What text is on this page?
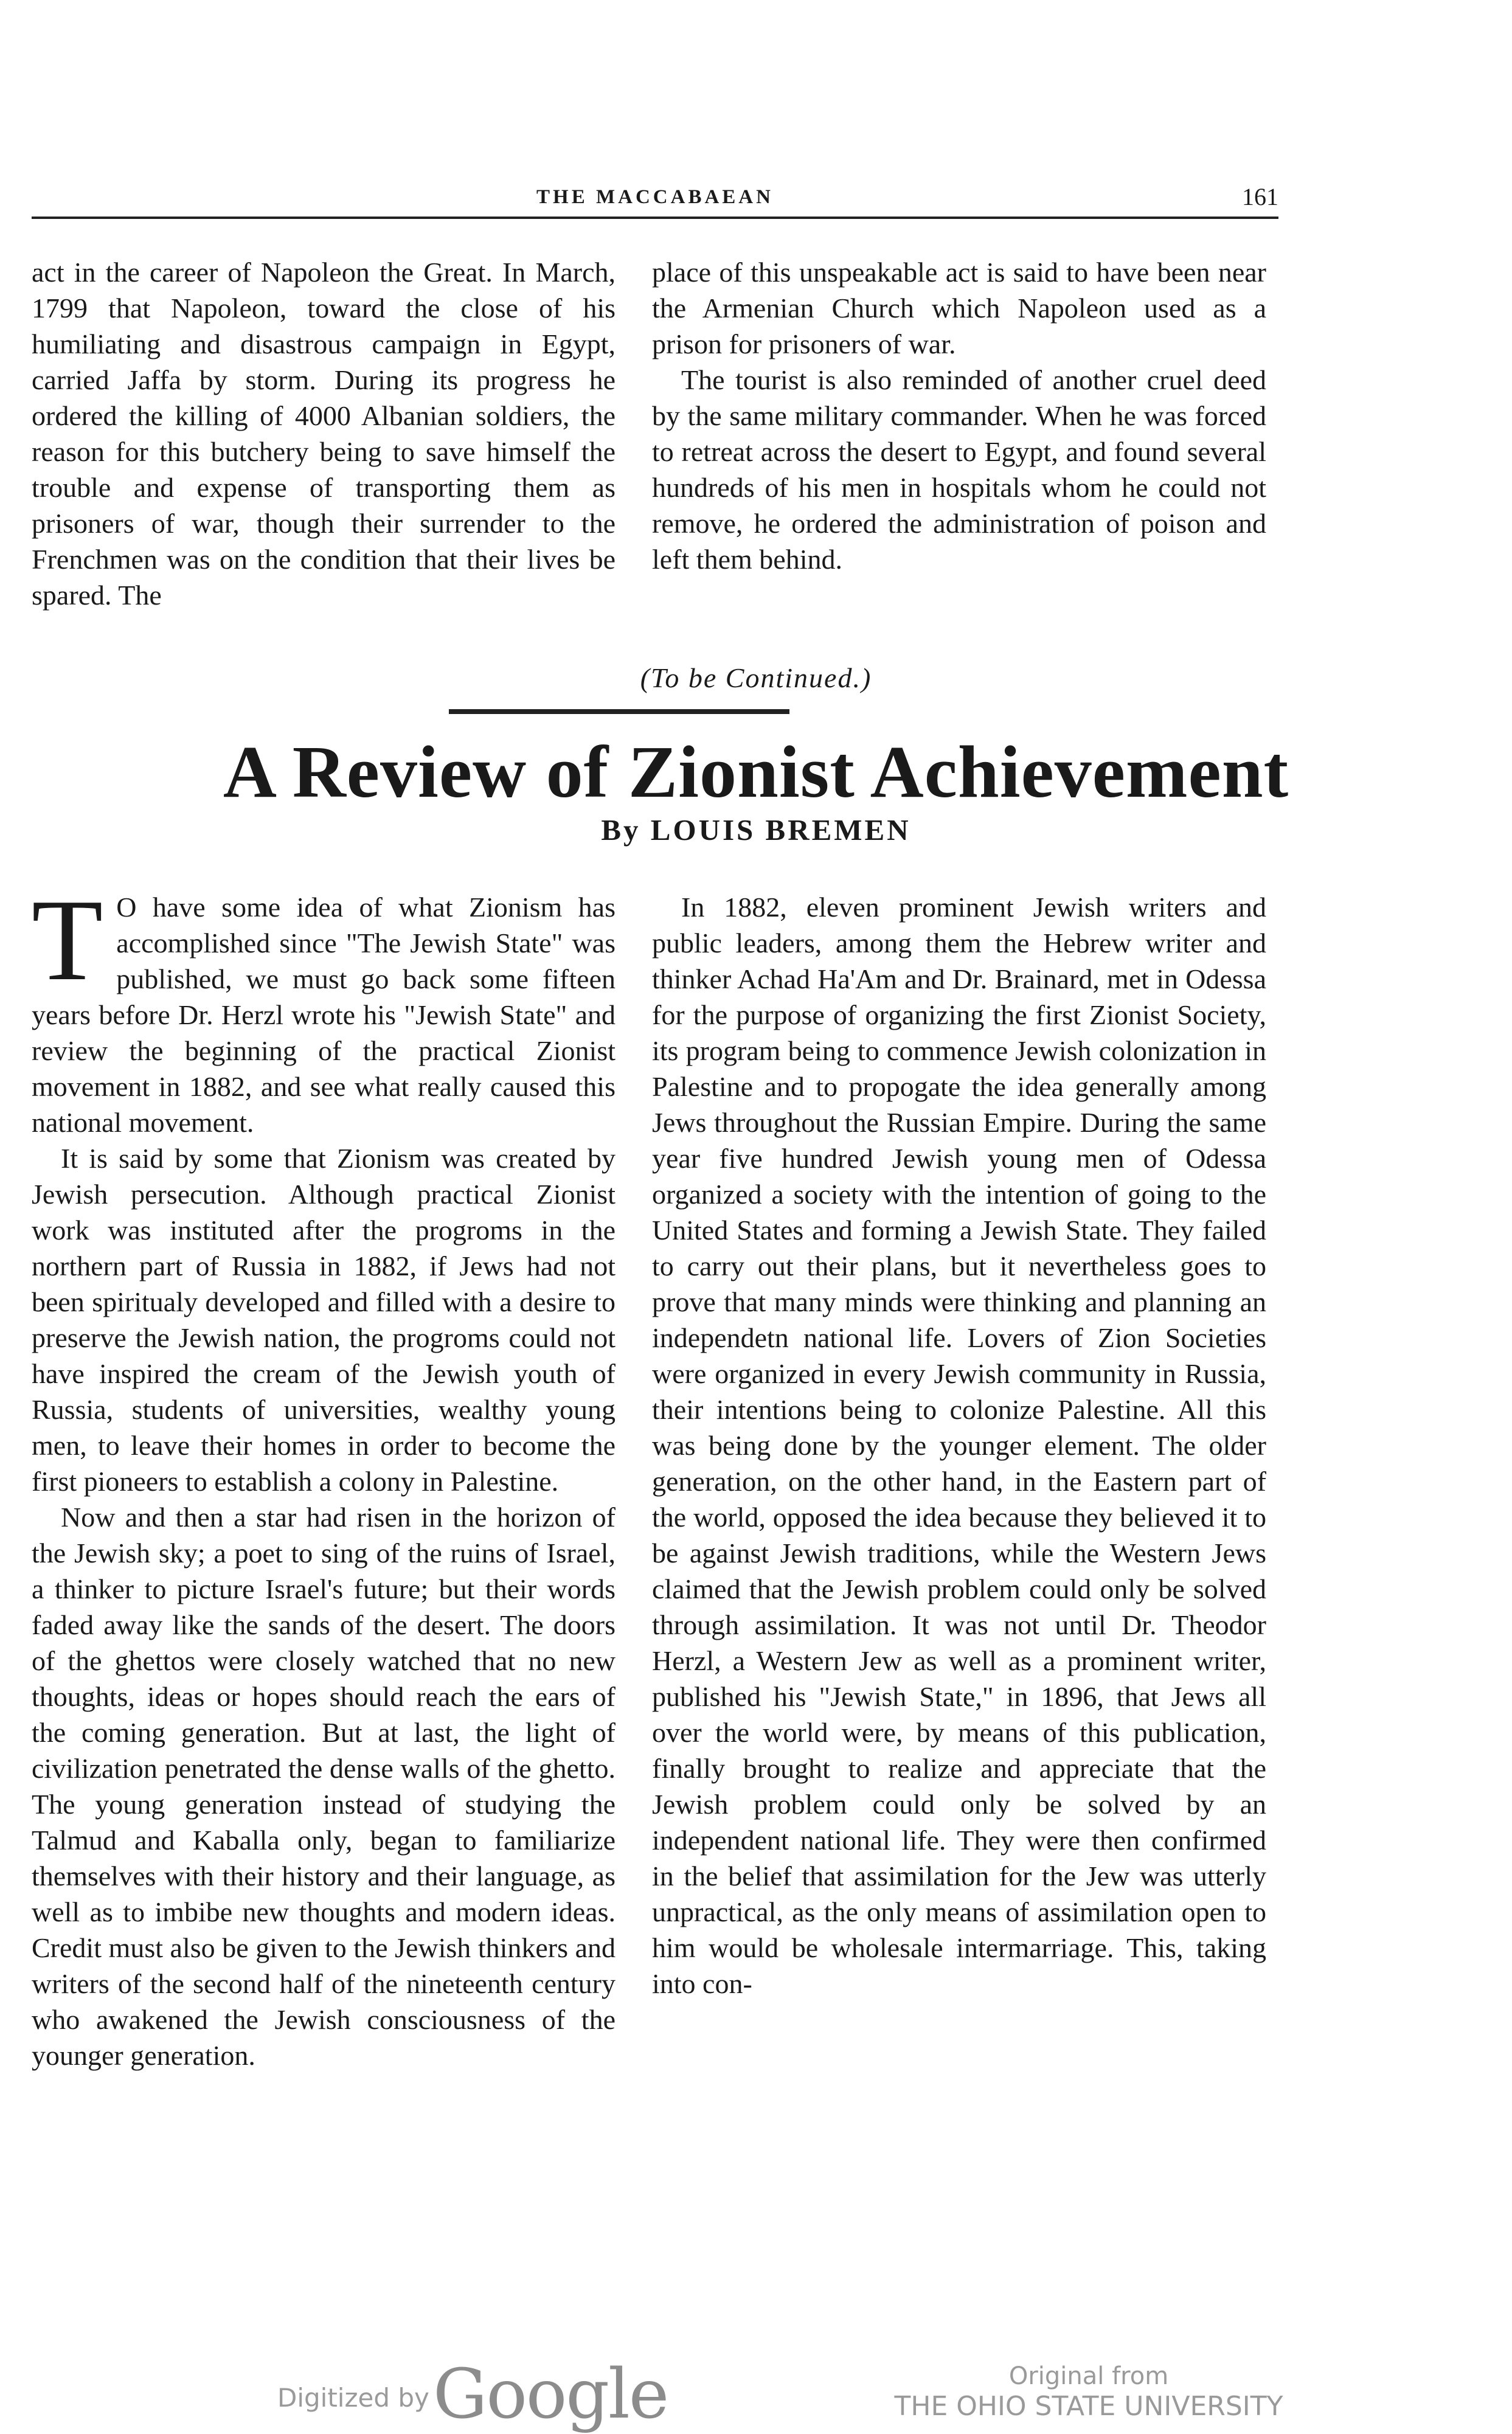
THE MACCABAEAN	161

act in the career of Napoleon the Great. In March, 1799 that Napoleon, toward the close of his humiliating and disastrous campaign in Egypt, carried Jaffa by storm. During its progress he ordered the killing of 4000 Albanian soldiers, the reason for this butchery being to save himself the trouble and expense of transporting them as prisoners of war, though their surrender to the Frenchmen was on the condition that their lives be spared. The

place of this unspeakable act is said to have been near the Armenian Church which Napoleon used as a prison for prisoners of war.

The tourist is also reminded of another cruel deed by the same military commander. When he was forced to retreat across the desert to Egypt, and found several hundreds of his men in hospitals whom he could not remove, he ordered the administration of poison and left them behind.

(To be Continued.)
A Review of Zionist Achievement
By LOUIS BREMEN

T O have some idea of what Zionism has accomplished since "The Jewish State" was published, we must go back some fifteen years before Dr. Herzl wrote his "Jewish State" and review the beginning of the practical Zionist movement in 1882, and see what really caused this national movement.

It is said by some that Zionism was created by Jewish persecution. Although practical Zionist work was instituted after the progroms in the northern part of Russia in 1882, if Jews had not been spiritualy developed and filled with a desire to preserve the Jewish nation, the progroms could not have inspired the cream of the Jewish youth of Russia, students of universities, wealthy young men, to leave their homes in order to become the first pioneers to establish a colony in Palestine.

Now and then a star had risen in the horizon of the Jewish sky; a poet to sing of the ruins of Israel, a thinker to picture Israel's future; but their words faded away like the sands of the desert. The doors of the ghettos were closely watched that no new thoughts, ideas or hopes should reach the ears of the coming generation. But at last, the light of civilization penetrated the dense walls of the ghetto. The young generation instead of studying the Talmud and Kaballa only, began to familiarize themselves with their history and their language, as well as to imbibe new thoughts and modern ideas. Credit must also be given to the Jewish thinkers and writers of the second half of the nineteenth century who awakened the Jewish consciousness of the younger generation.

In 1882, eleven prominent Jewish writers and public leaders, among them the Hebrew writer and thinker Achad Ha'Am and Dr. Brainard, met in Odessa for the purpose of organizing the first Zionist Society, its program being to commence Jewish colonization in Palestine and to propogate the idea generally among Jews throughout the Russian Empire. During the same year five hundred Jewish young men of Odessa organized a society with the intention of going to the United States and forming a Jewish State. They failed to carry out their plans, but it nevertheless goes to prove that many minds were thinking and planning an independetn national life. Lovers of Zion Societies were organized in every Jewish community in Russia, their intentions being to colonize Palestine. All this was being done by the younger element. The older generation, on the other hand, in the Eastern part of the world, opposed the idea because they believed it to be against Jewish traditions, while the Western Jews claimed that the Jewish problem could only be solved through assimilation. It was not until Dr. Theodor Herzl, a Western Jew as well as a prominent writer, published his "Jewish State," in 1896, that Jews all over the world were, by means of this publication, finally brought to realize and appreciate that the Jewish problem could only be solved by an independent national life. They were then confirmed in the belief that assimilation for the Jew was utterly unpractical, as the only means of assimilation open to him would be wholesale intermarriage. This, taking into con-

Digitized by Google	Original from
THE OHIO STATE UNIVERSITY
